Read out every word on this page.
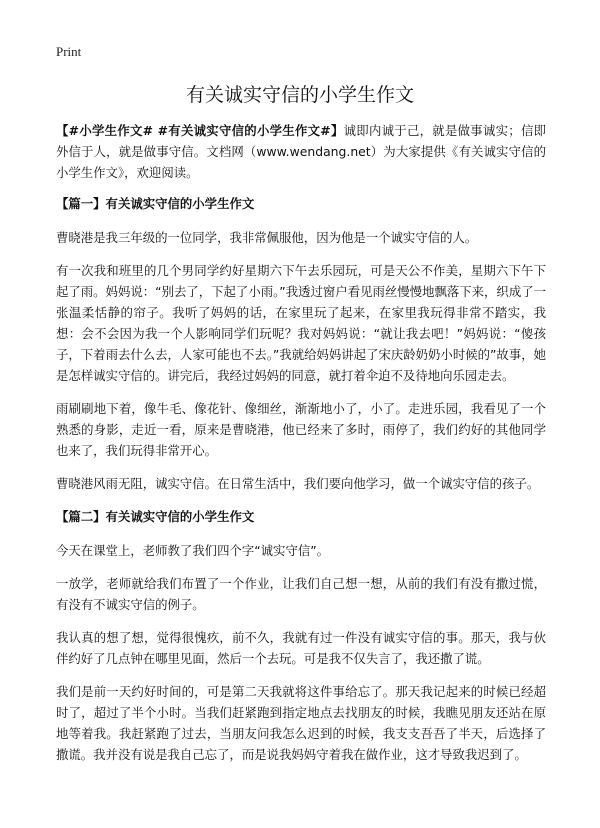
Print
有关诚实守信的小学生作文

【#小学生作文# #有关诚实守信的小学生作文#】诚即内诚于己，就是做事诚实；信即外信于人，就是做事守信。文档网（www.wendang.net）为大家提供《有关诚实守信的小学生作文》，欢迎阅读。

【篇一】有关诚实守信的小学生作文

曹晓港是我三年级的一位同学，我非常佩服他，因为他是一个诚实守信的人。

有一次我和班里的几个男同学约好星期六下午去乐园玩，可是天公不作美，星期六下午下起了雨。妈妈说：“别去了，下起了小雨。”我透过窗户看见雨丝慢慢地飘落下来，织成了一张温柔恬静的帘子。我听了妈妈的话，在家里玩了起来，在家里我玩得非常不踏实，我想：会不会因为我一个人影响同学们玩呢？我对妈妈说：“就让我去吧！”妈妈说：“傻孩子，下着雨去什么去，人家可能也不去。”我就给妈妈讲起了宋庆龄奶奶小时候的”故事，她是怎样诚实守信的。讲完后，我经过妈妈的同意，就打着伞迫不及待地向乐园走去。

雨刷刷地下着，像牛毛、像花针、像细丝，渐渐地小了，小了。走进乐园，我看见了一个熟悉的身影，走近一看，原来是曹晓港，他已经来了多时，雨停了，我们约好的其他同学也来了，我们玩得非常开心。

曹晓港风雨无阻，诚实守信。在日常生活中，我们要向他学习，做一个诚实守信的孩子。

【篇二】有关诚实守信的小学生作文

今天在课堂上，老师教了我们四个字“诚实守信”。

一放学，老师就给我们布置了一个作业，让我们自己想一想，从前的我们有没有撒过慌，有没有不诚实守信的例子。

我认真的想了想，觉得很愧疚，前不久，我就有过一件没有诚实守信的事。那天，我与伙伴约好了几点钟在哪里见面，然后一个去玩。可是我不仅失言了，我还撒了谎。

我们是前一天约好时间的，可是第二天我就将这件事给忘了。那天我记起来的时候已经超时了，超过了半个小时。当我们赶紧跑到指定地点去找朋友的时候，我瞧见朋友还站在原地等着我。我赶紧跑了过去，当朋友问我怎么迟到的时候，我支支吾吾了半天，后选择了撒谎。我并没有说是我自己忘了，而是说我妈妈守着我在做作业，这才导致我迟到了。
